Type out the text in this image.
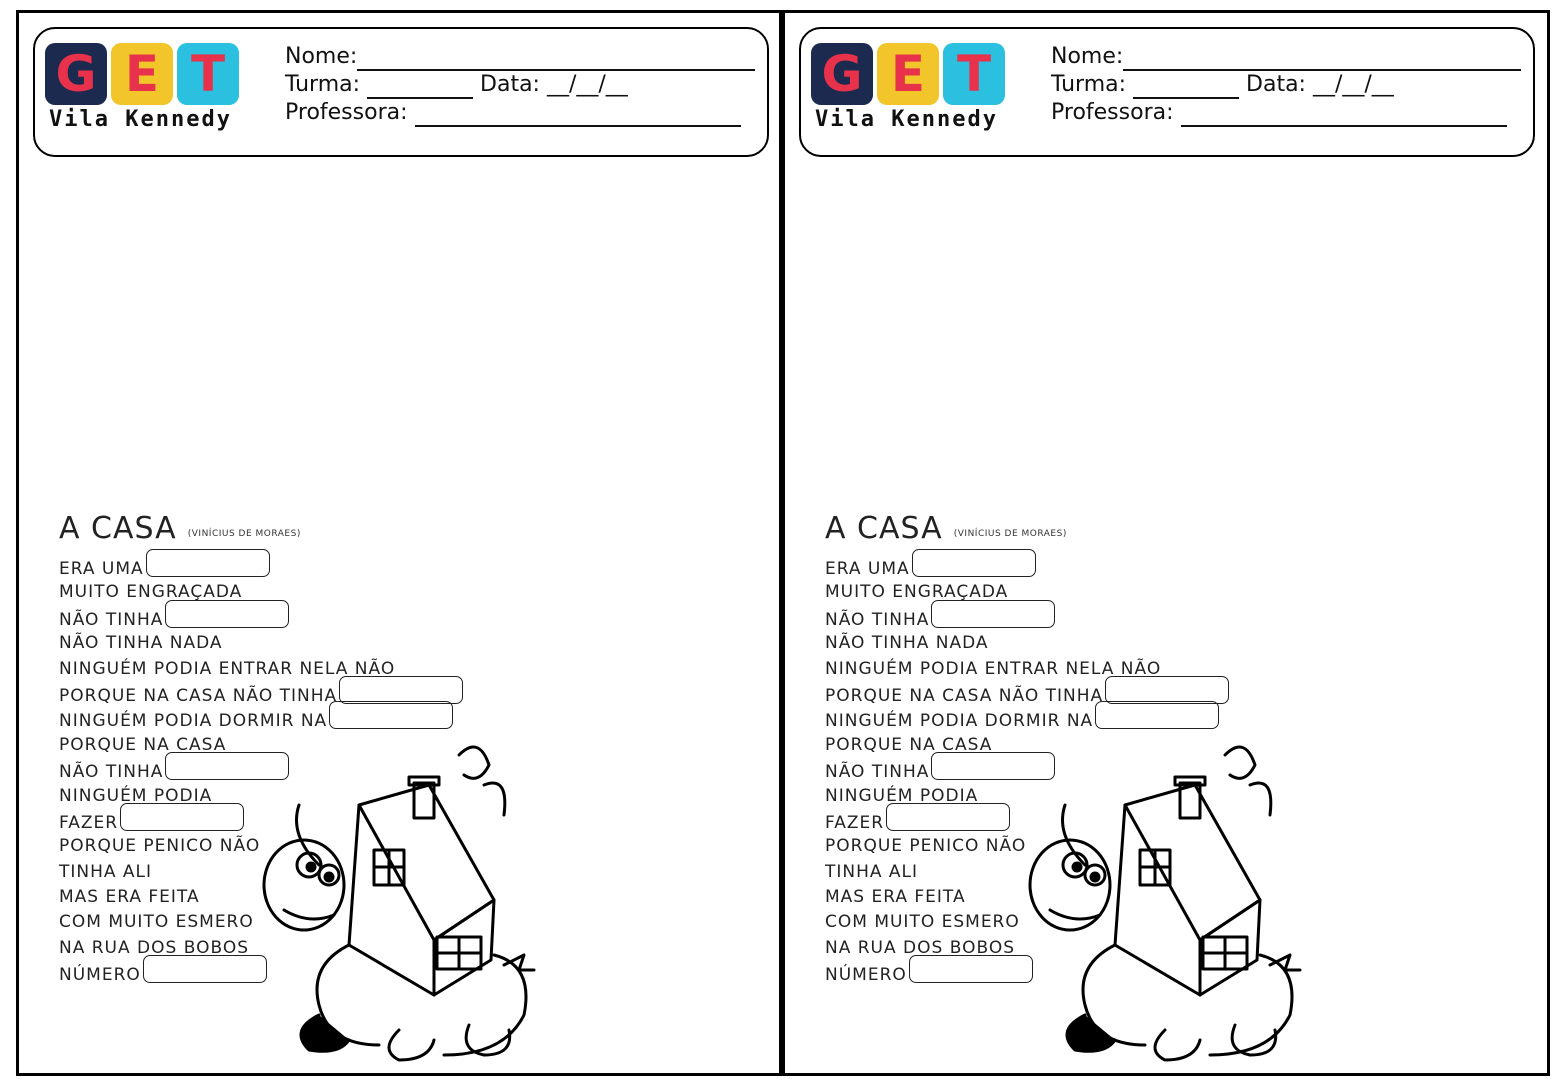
G E T
Vila Kennedy
Nome:
Turma:	Data: __/__/__
Professora:
A CASA (VINÍCIUS DE MORAES)
ERA UMA
MUITO ENGRAÇADA
NÃO TINHA
NÃO TINHA NADA
NINGUÉM PODIA ENTRAR NELA NÃO
PORQUE NA CASA NÃO TINHA
NINGUÉM PODIA DORMIR NA
PORQUE NA CASA
NÃO TINHA
NINGUÉM PODIA
FAZER
PORQUE PENICO NÃO
TINHA ALI
MAS ERA FEITA
COM MUITO ESMERO
NA RUA DOS BOBOS
NÚMERO
G E T
Vila Kennedy
Nome:
Turma:	Data: __/__/__
Professora:
A CASA (VINÍCIUS DE MORAES)
ERA UMA
MUITO ENGRAÇADA
NÃO TINHA
NÃO TINHA NADA
NINGUÉM PODIA ENTRAR NELA NÃO
PORQUE NA CASA NÃO TINHA
NINGUÉM PODIA DORMIR NA
PORQUE NA CASA
NÃO TINHA
NINGUÉM PODIA
FAZER
PORQUE PENICO NÃO
TINHA ALI
MAS ERA FEITA
COM MUITO ESMERO
NA RUA DOS BOBOS
NÚMERO
